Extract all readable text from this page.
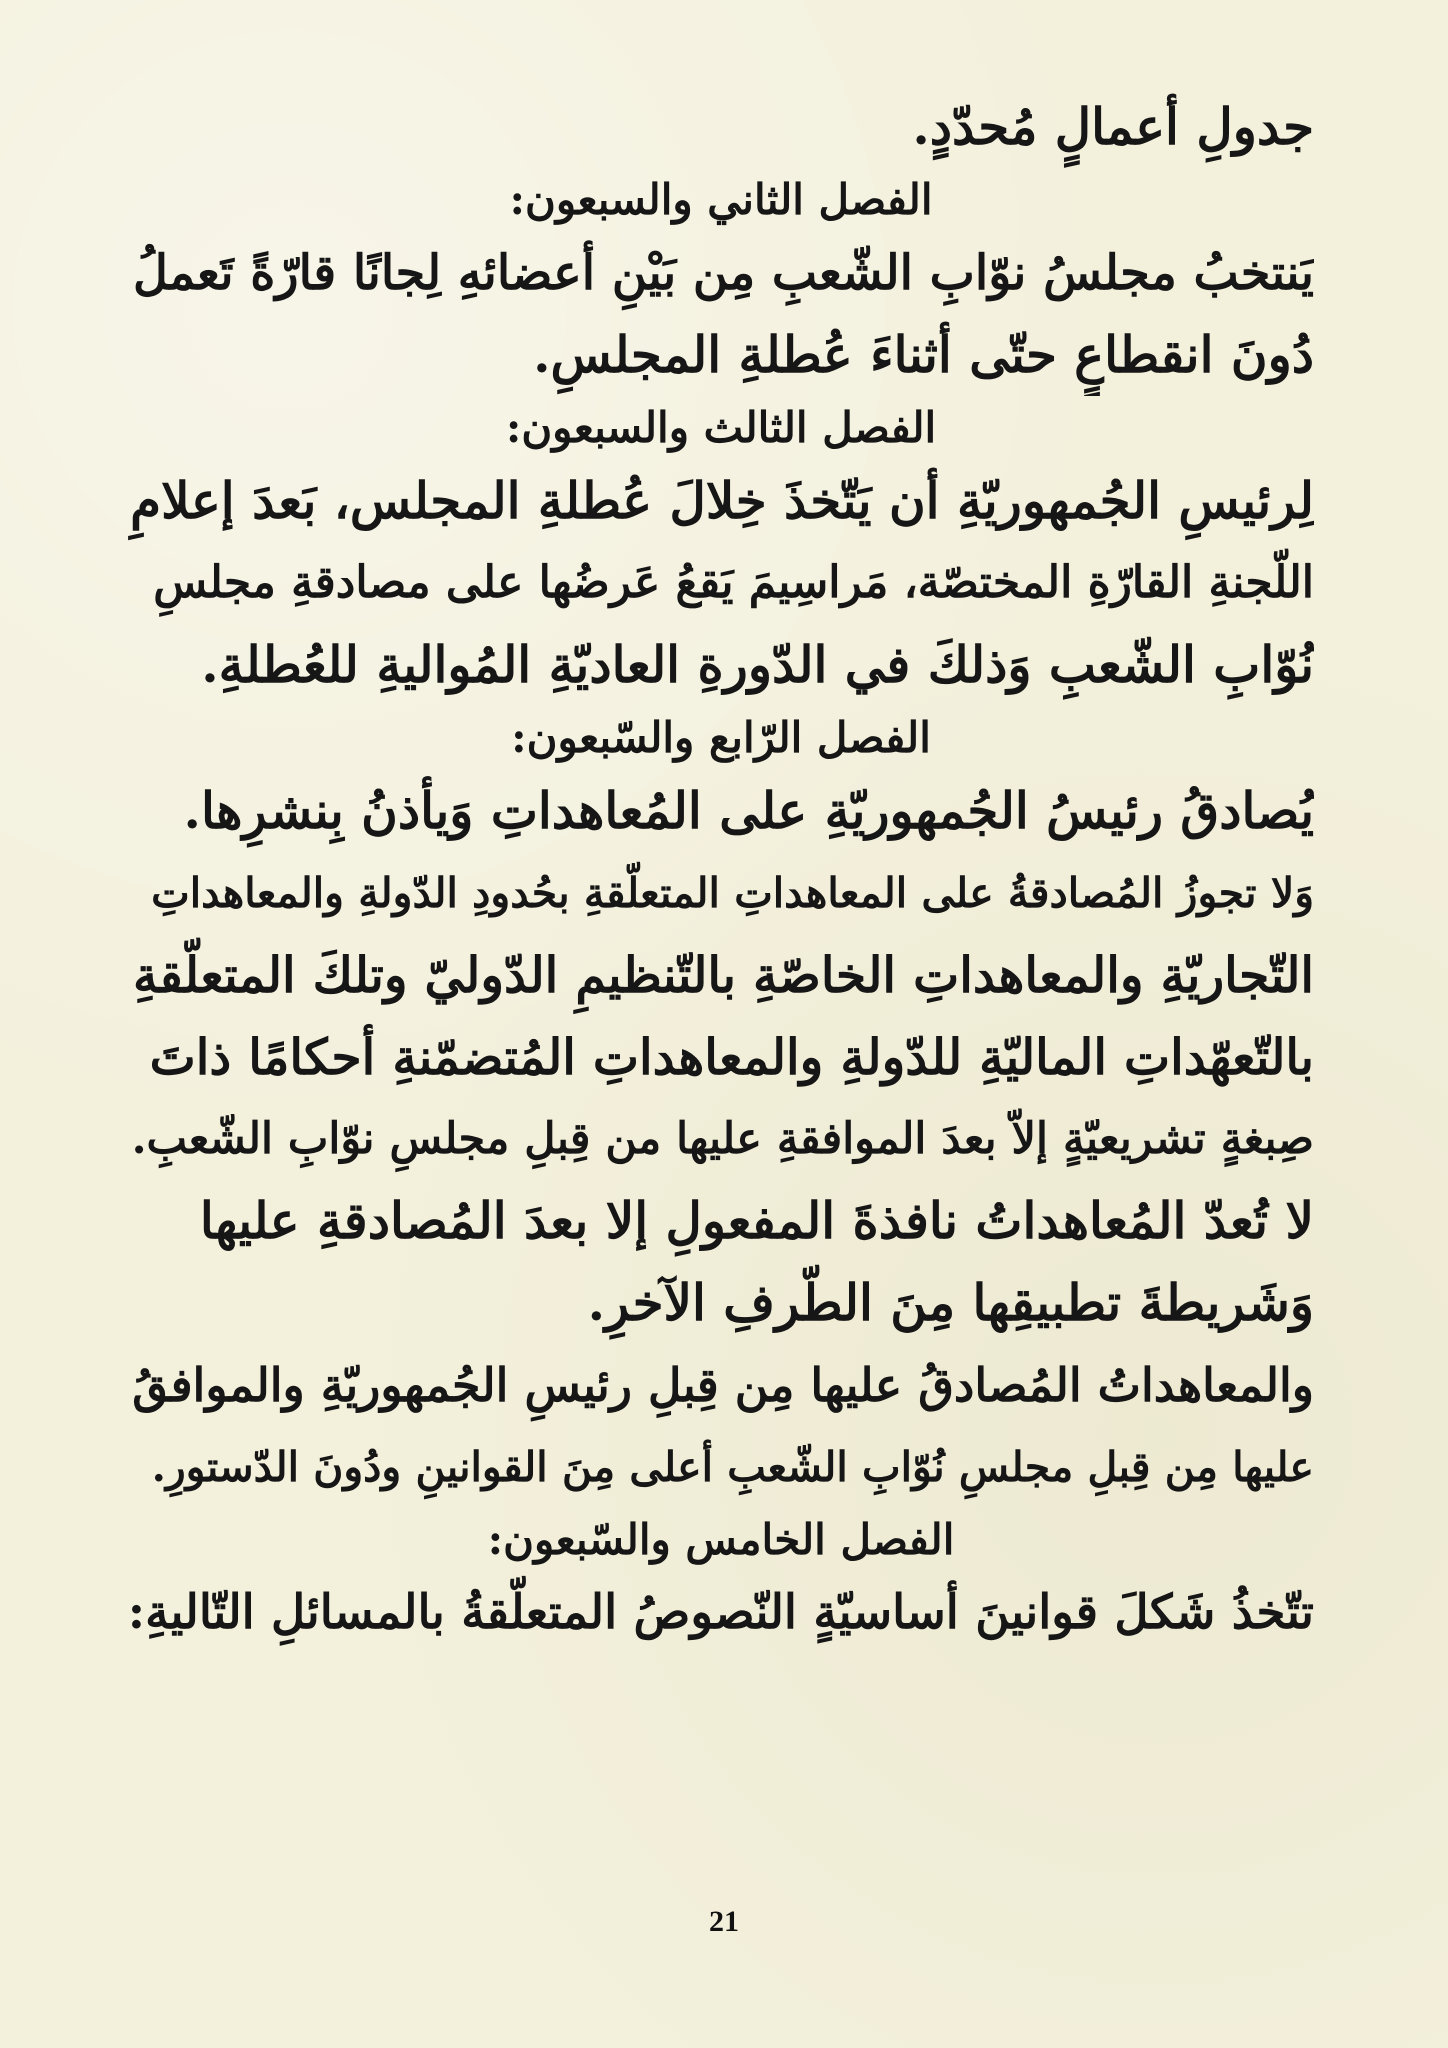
جدولِ أعمالٍ مُحدّدٍ.
الفصل الثاني والسبعون:
يَنتخبُ مجلسُ نوّابِ الشّعبِ مِن بَيْنِ أعضائهِ لِجانًا قارّةً تَعملُ
دُونَ انقطاعٍ حتّى أثناءَ عُطلةِ المجلسِ.
الفصل الثالث والسبعون:
لِرئيسِ الجُمهوريّةِ أن يَتّخذَ خِلالَ عُطلةِ المجلس، بَعدَ إعلامِ
اللّجنةِ القارّةِ المختصّة، مَراسِيمَ يَقعُ عَرضُها على مصادقةِ مجلسِ
نُوّابِ الشّعبِ وَذلكَ في الدّورةِ العاديّةِ المُواليةِ للعُطلةِ.
الفصل الرّابع والسّبعون:
يُصادقُ رئيسُ الجُمهوريّةِ على المُعاهداتِ وَيأذنُ بِنشرِها.
وَلا تجوزُ المُصادقةُ على المعاهداتِ المتعلّقةِ بحُدودِ الدّولةِ والمعاهداتِ
التّجاريّةِ والمعاهداتِ الخاصّةِ بالتّنظيمِ الدّوليّ وتلكَ المتعلّقةِ
بالتّعهّداتِ الماليّةِ للدّولةِ والمعاهداتِ المُتضمّنةِ أحكامًا ذاتَ
صِبغةٍ تشريعيّةٍ إلاّ بعدَ الموافقةِ عليها من قِبلِ مجلسِ نوّابِ الشّعبِ.
لا تُعدّ المُعاهداتُ نافذةَ المفعولِ إلا بعدَ المُصادقةِ عليها
وَشَريطةَ تطبيقِها مِنَ الطّرفِ الآخرِ.
والمعاهداتُ المُصادقُ عليها مِن قِبلِ رئيسِ الجُمهوريّةِ والموافقُ
عليها مِن قِبلِ مجلسِ نُوّابِ الشّعبِ أعلى مِنَ القوانينِ ودُونَ الدّستورِ.
الفصل الخامس والسّبعون:
تتّخذُ شَكلَ قوانينَ أساسيّةٍ النّصوصُ المتعلّقةُ بالمسائلِ التّاليةِ:
21
